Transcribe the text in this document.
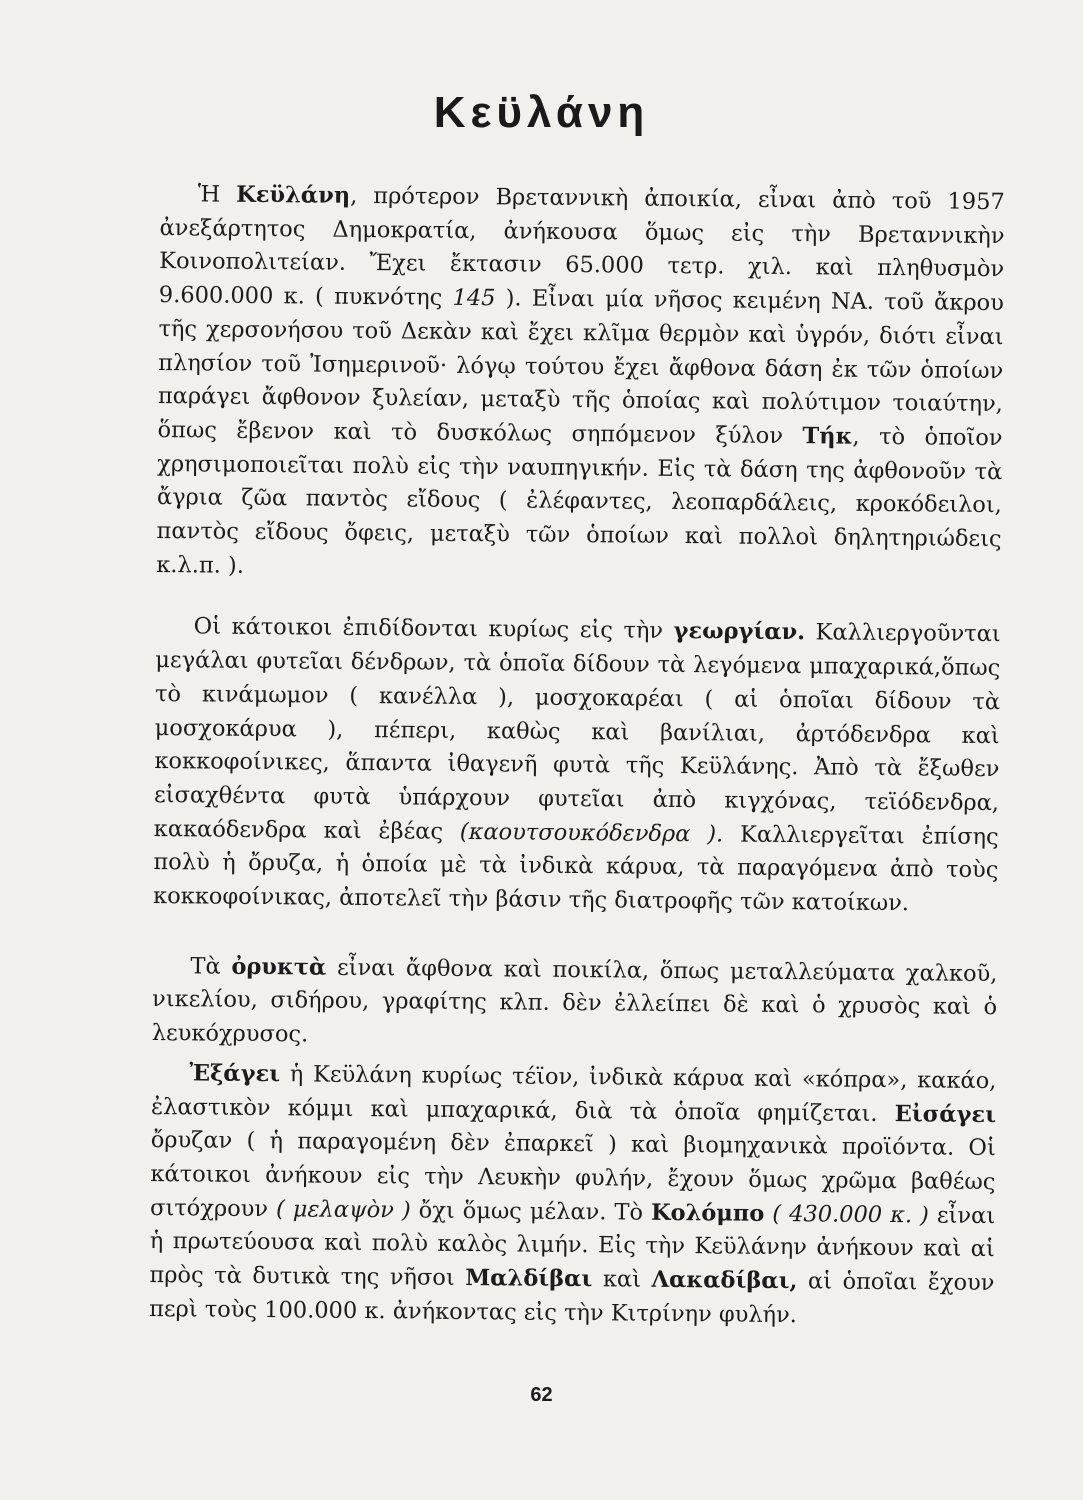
Κεϋλάνη

Ἡ Κεϋλάνη, πρότερον Βρεταννικὴ ἀποικία, εἶναι ἀπὸ τοῦ 1957 ἀνεξάρτητος Δημοκρατία, ἀνήκουσα ὅμως εἰς τὴν Βρεταννικὴν Κοινοπολιτείαν. Ἔχει ἔκτασιν 65.000 τετρ. χιλ. καὶ πληθυσμὸν 9.600.000 κ. ( πυκνότης 145 ). Εἶναι μία νῆσος κειμένη ΝΑ. τοῦ ἄκρου τῆς χερσονήσου τοῦ Δεκὰν καὶ ἔχει κλῖμα θερμὸν καὶ ὑγρόν, διότι εἶναι πλησίον τοῦ Ἰσημερινοῦ· λόγῳ τούτου ἔχει ἄφθονα δάση ἐκ τῶν ὁποίων παράγει ἄφθονον ξυλείαν, μεταξὺ τῆς ὁποίας καὶ πολύτιμον τοιαύτην, ὅπως ἔβενον καὶ τὸ δυσκόλως σηπόμενον ξύλον Τήκ, τὸ ὁποῖον χρησιμοποιεῖται πολὺ εἰς τὴν ναυπηγικήν. Εἰς τὰ δάση της ἀφθονοῦν τὰ ἄγρια ζῶα παντὸς εἴδους ( ἐλέφαντες, λεοπαρδάλεις, κροκόδειλοι, παντὸς εἴδους ὄφεις, μεταξὺ τῶν ὁποίων καὶ πολλοὶ δηλητηριώδεις κ.λ.π. ).

Οἱ κάτοικοι ἐπιδίδονται κυρίως εἰς τὴν γεωργίαν. Καλλιεργοῦνται μεγάλαι φυτεῖαι δένδρων, τὰ ὁποῖα δίδουν τὰ λεγόμενα μπαχαρικά,ὅπως τὸ κινάμωμον ( κανέλλα ), μοσχοκαρέαι ( αἱ ὁποῖαι δίδουν τὰ μοσχοκάρυα ), πέπερι, καθὼς καὶ βανίλιαι, ἀρτόδενδρα καὶ κοκκοφοίνικες, ἅπαντα ἰθαγενῆ φυτὰ τῆς Κεϋλάνης. Ἀπὸ τὰ ἔξωθεν εἰσαχθέντα φυτὰ ὑπάρχουν φυτεῖαι ἀπὸ κιγχόνας, τεϊόδενδρα, κακαόδενδρα καὶ ἐβέας (καουτσουκόδενδρα ). Καλλιεργεῖται ἐπίσης πολὺ ἡ ὄρυζα, ἡ ὁποία μὲ τὰ ἰνδικὰ κάρυα, τὰ παραγόμενα ἀπὸ τοὺς κοκκοφοίνικας, ἀποτελεῖ τὴν βάσιν τῆς διατροφῆς τῶν κατοίκων.

Τὰ ὀρυκτὰ εἶναι ἄφθονα καὶ ποικίλα, ὅπως μεταλλεύματα χαλκοῦ, νικελίου, σιδήρου, γραφίτης κλπ. δὲν ἐλλείπει δὲ καὶ ὁ χρυσὸς καὶ ὁ λευκόχρυσος.

Ἐξάγει ἡ Κεϋλάνη κυρίως τέϊον, ἰνδικὰ κάρυα καὶ «κόπρα», κακάο, ἐλαστικὸν κόμμι καὶ μπαχαρικά, διὰ τὰ ὁποῖα φημίζεται. Εἰσάγει ὄρυζαν ( ἡ παραγομένη δὲν ἐπαρκεῖ ) καὶ βιομηχανικὰ προϊόντα. Οἱ κάτοικοι ἀνήκουν εἰς τὴν Λευκὴν φυλήν, ἔχουν ὅμως χρῶμα βαθέως σιτόχρουν ( μελαψὸν ) ὄχι ὅμως μέλαν. Τὸ Κολόμπο ( 430.000 κ. ) εἶναι ἡ πρωτεύουσα καὶ πολὺ καλὸς λιμήν. Εἰς τὴν Κεϋλάνην ἀνήκουν καὶ αἱ πρὸς τὰ δυτικὰ της νῆσοι Μαλδίβαι καὶ Λακαδίβαι, αἱ ὁποῖαι ἔχουν περὶ τοὺς 100.000 κ. ἀνήκοντας εἰς τὴν Κιτρίνην φυλήν.

62
